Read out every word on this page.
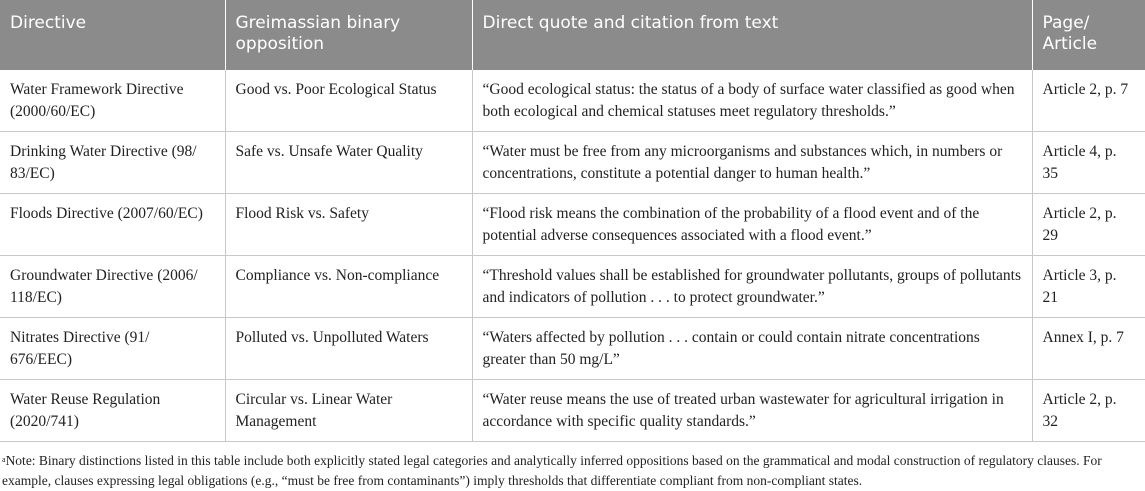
Directive	Greimassian binary opposition	Direct quote and citation from text	Page/ Article
Water Framework Directive (2000/60/EC)	Good vs. Poor Ecological Status	“Good ecological status: the status of a body of surface water classified as good when both ecological and chemical statuses meet regulatory thresholds.”	Article 2, p. 7
Drinking Water Directive (98/ 83/EC)	Safe vs. Unsafe Water Quality	“Water must be free from any microorganisms and substances which, in numbers or concentrations, constitute a potential danger to human health.”	Article 4, p. 35
Floods Directive (2007/60/EC)	Flood Risk vs. Safety	“Flood risk means the combination of the probability of a flood event and of the potential adverse consequences associated with a flood event.”	Article 2, p. 29
Groundwater Directive (2006/ 118/EC)	Compliance vs. Non-compliance	“Threshold values shall be established for groundwater pollutants, groups of pollutants and indicators of pollution . . . to protect groundwater.”	Article 3, p. 21
Nitrates Directive (91/ 676/EEC)	Polluted vs. Unpolluted Waters	“Waters affected by pollution . . . contain or could contain nitrate concentrations greater than 50 mg/L”	Annex I, p. 7
Water Reuse Regulation (2020/741)	Circular vs. Linear Water Management	“Water reuse means the use of treated urban wastewater for agricultural irrigation in accordance with specific quality standards.”	Article 2, p. 32
$^a$Note: Binary distinctions listed in this table include both explicitly stated legal categories and analytically inferred oppositions based on the grammatical and modal construction of regulatory clauses. For example, clauses expressing legal obligations (e.g., “must be free from contaminants”) imply thresholds that differentiate compliant from non-compliant states.
